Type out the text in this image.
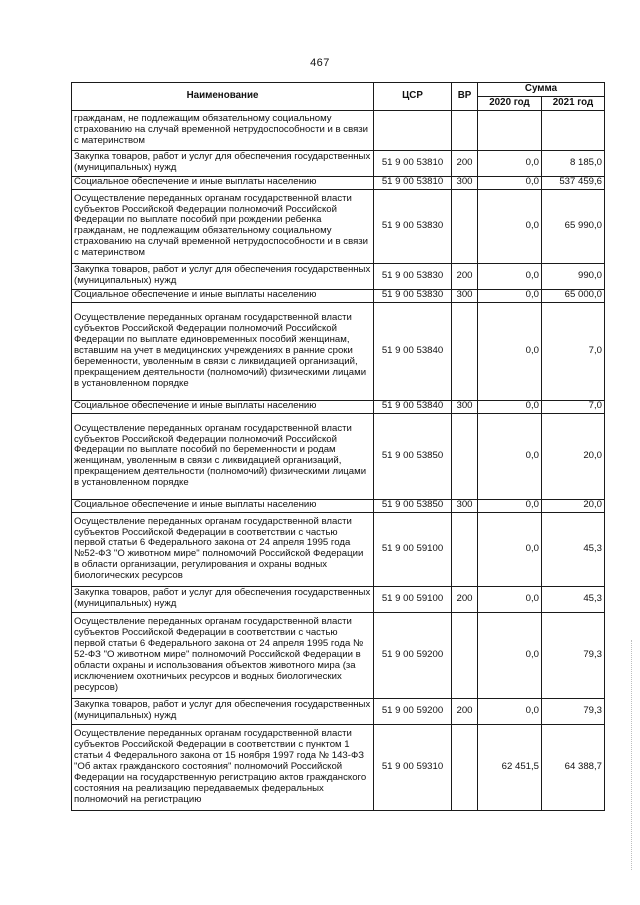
467
Наименование	ЦСР	ВР	Сумма	
			2020 год	2021 год
гражданам, не подлежащим обязательному социальному страхованию на случай временной нетрудоспособности и в связи с материнством				
Закупка товаров, работ и услуг для обеспечения государственных (муниципальных) нужд	51 9 00 53810	200	0,0	8 185,0
Социальное обеспечение и иные выплаты населению	51 9 00 53810	300	0,0	537 459,6
Осуществление переданных органам государственной власти субъектов Российской Федерации полномочий Российской Федерации по выплате пособий при рождении ребенка гражданам, не подлежащим обязательному социальному страхованию на случай временной нетрудоспособности и в связи с материнством	51 9 00 53830		0,0	65 990,0
Закупка товаров, работ и услуг для обеспечения государственных (муниципальных) нужд	51 9 00 53830	200	0,0	990,0
Социальное обеспечение и иные выплаты населению	51 9 00 53830	300	0,0	65 000,0
Осуществление переданных органам государственной власти субъектов Российской Федерации полномочий Российской Федерации по выплате единовременных пособий женщинам, вставшим на учет в медицинских учреждениях в ранние сроки беременности, уволенным в связи с ликвидацией организаций, прекращением деятельности (полномочий) физическими лицами в установленном порядке	51 9 00 53840		0,0	7,0
Социальное обеспечение и иные выплаты населению	51 9 00 53840	300	0,0	7,0
Осуществление переданных органам государственной власти субъектов Российской Федерации полномочий Российской Федерации по выплате пособий по беременности и родам женщинам, уволенным в связи с ликвидацией организаций, прекращением деятельности (полномочий) физическими лицами в установленном порядке	51 9 00 53850		0,0	20,0
Социальное обеспечение и иные выплаты населению	51 9 00 53850	300	0,0	20,0
Осуществление переданных органам государственной власти субъектов Российской Федерации в соответствии с частью первой статьи 6 Федерального закона от 24 апреля 1995 года №52-ФЗ "О животном мире" полномочий Российской Федерации в области организации, регулирования и охраны водных биологических ресурсов	51 9 00 59100		0,0	45,3
Закупка товаров, работ и услуг для обеспечения государственных (муниципальных) нужд	51 9 00 59100	200	0,0	45,3
Осуществление переданных органам государственной власти субъектов Российской Федерации в соответствии с частью первой статьи 6 Федерального закона от 24 апреля 1995 года № 52-ФЗ "О животном мире" полномочий Российской Федерации в области охраны и использования объектов животного мира (за исключением охотничьих ресурсов и водных биологических ресурсов)	51 9 00 59200		0,0	79,3
Закупка товаров, работ и услуг для обеспечения государственных (муниципальных) нужд	51 9 00 59200	200	0,0	79,3
Осуществление переданных органам государственной власти субъектов Российской Федерации в соответствии с пунктом 1 статьи 4 Федерального закона от 15 ноября 1997 года № 143-ФЗ "Об актах гражданского состояния" полномочий Российской Федерации на государственную регистрацию актов гражданского состояния на реализацию передаваемых федеральных полномочий на регистрацию	51 9 00 59310		62 451,5	64 388,7
